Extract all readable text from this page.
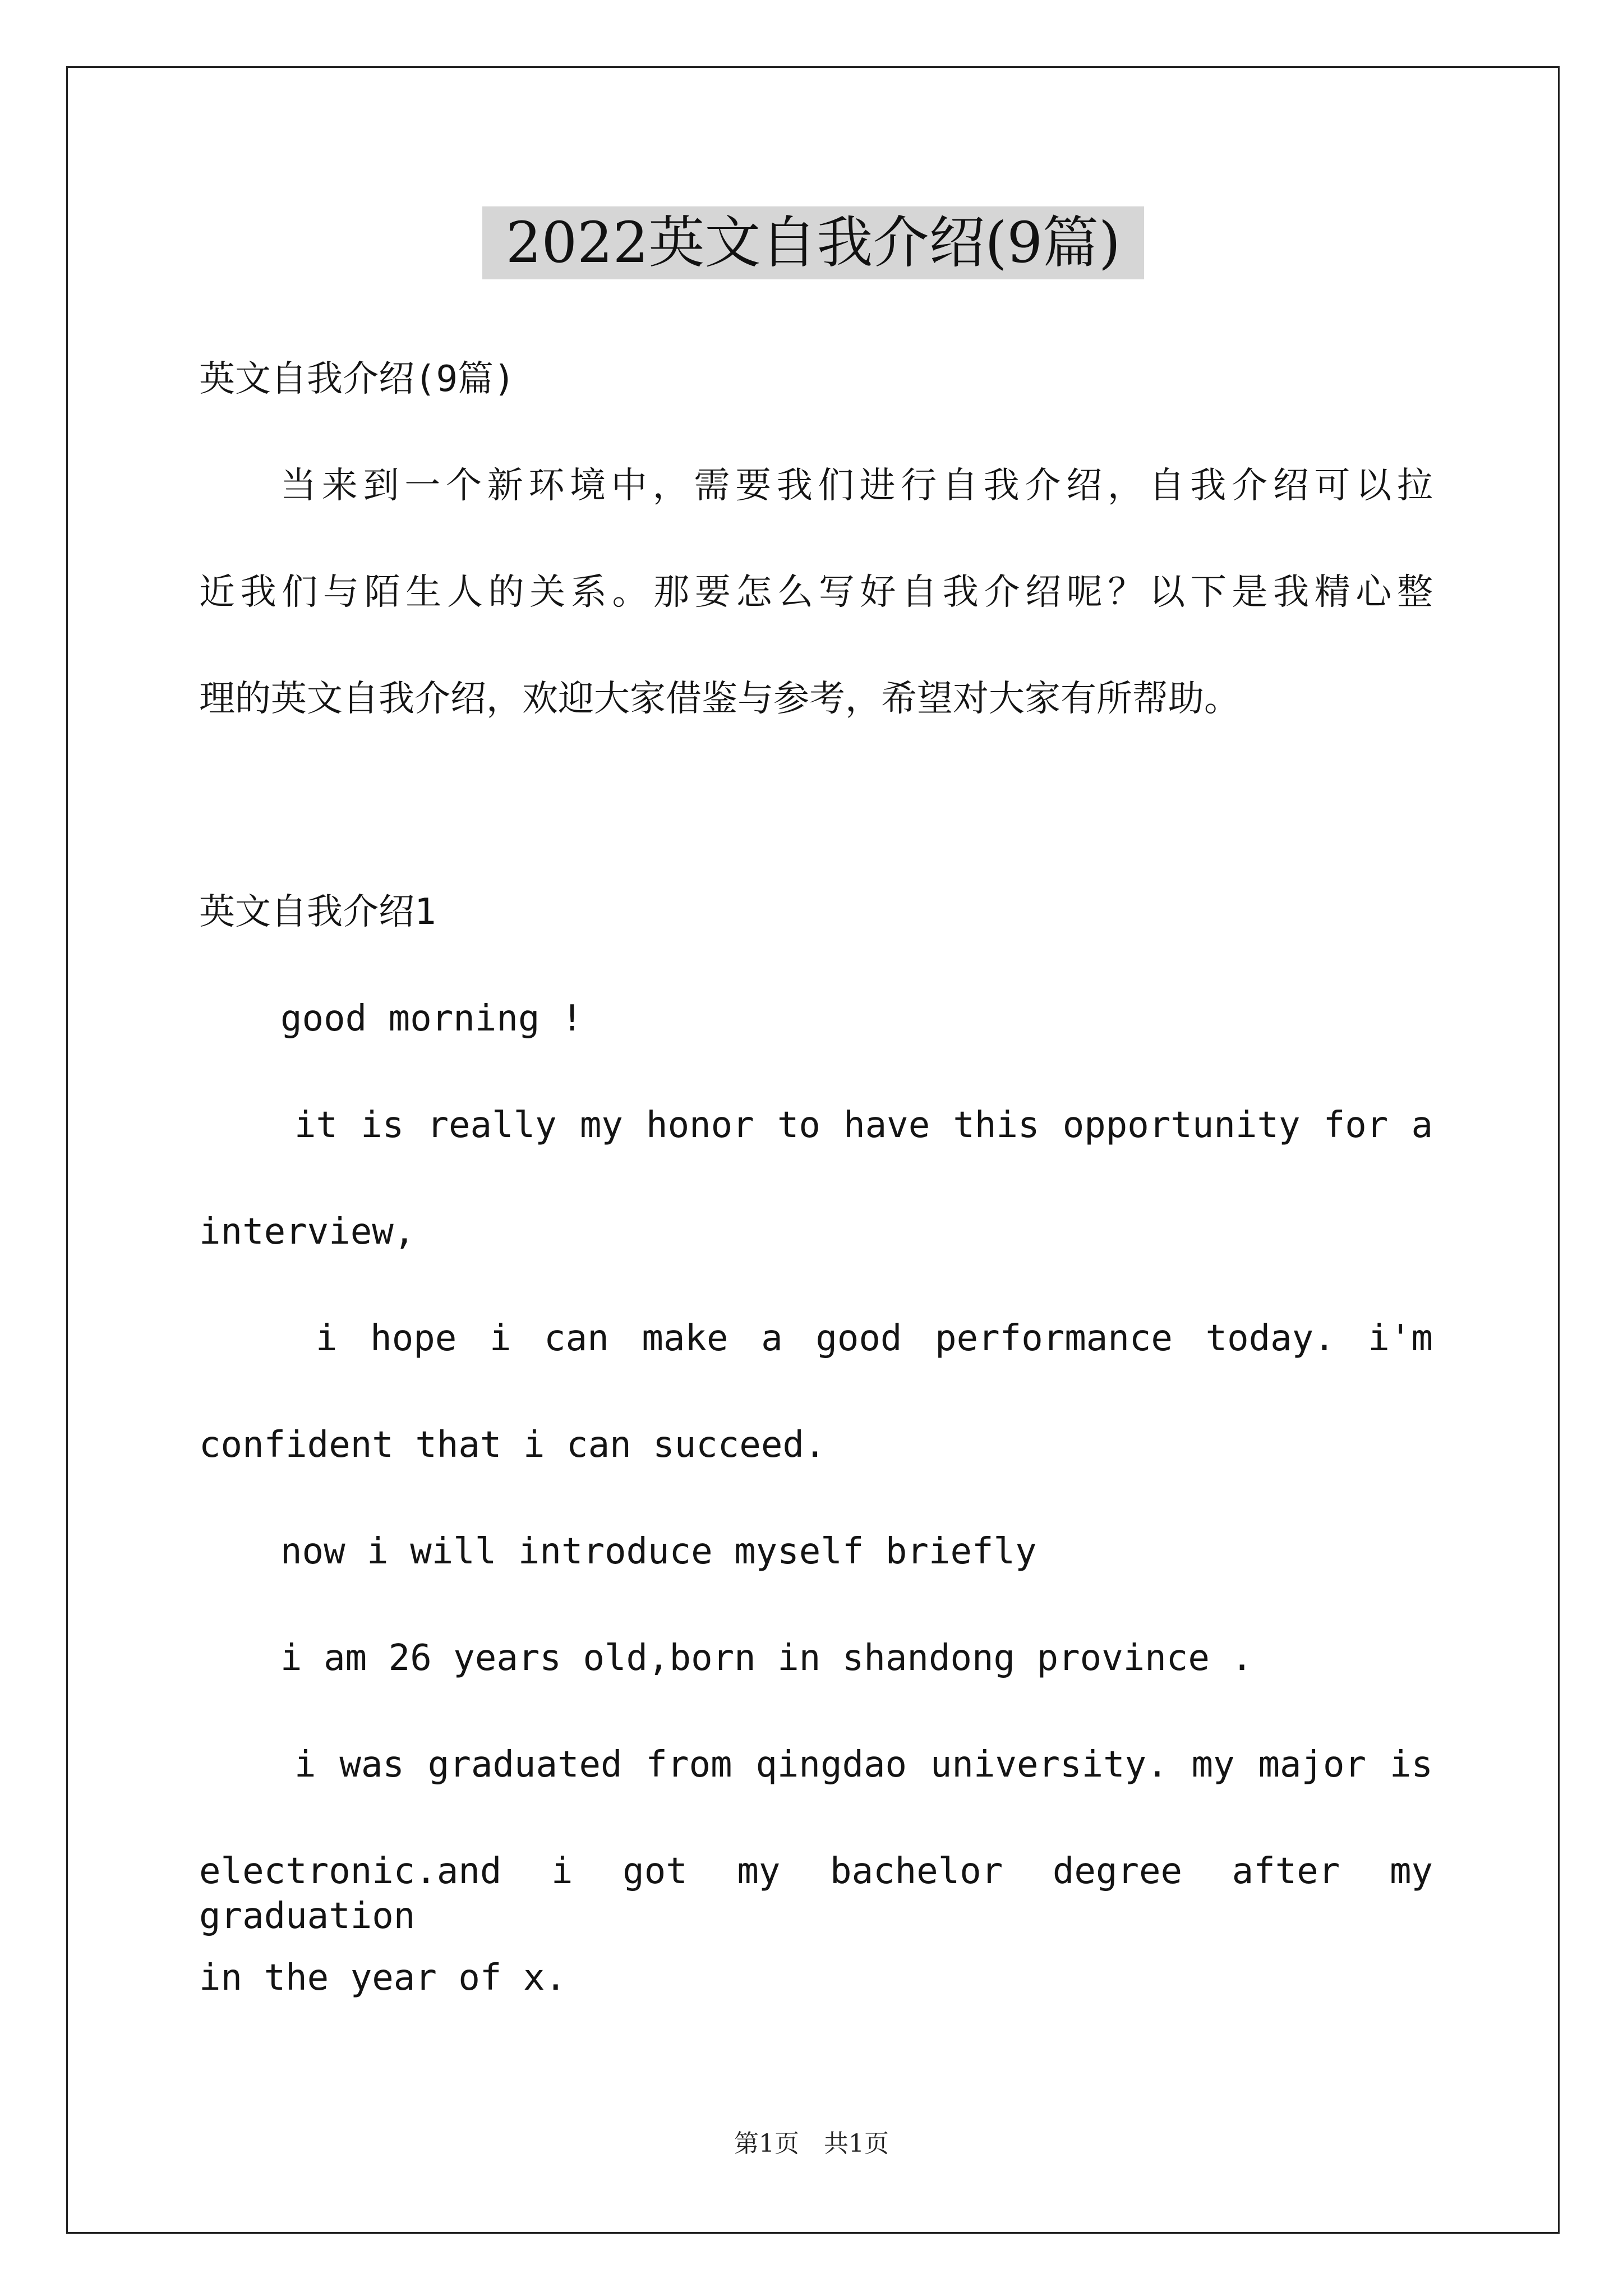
2022英文自我介绍(9篇)
英文自我介绍(9篇)
当来到一个新环境中，需要我们进行自我介绍，自我介绍可以拉
近我们与陌生人的关系。那要怎么写好自我介绍呢？以下是我精心整
理的英文自我介绍，欢迎大家借鉴与参考，希望对大家有所帮助。
英文自我介绍1
good morning !
it is really my honor to have this opportunity for a
interview,
i hope i can make a good performance today. i'm
confident that i can succeed.
now i will introduce myself briefly
i am 26 years old,born in shandong province .
i was graduated from qingdao university. my major is
electronic.and i got my bachelor degree after my graduation
in the year of x.
第1页　共1页
